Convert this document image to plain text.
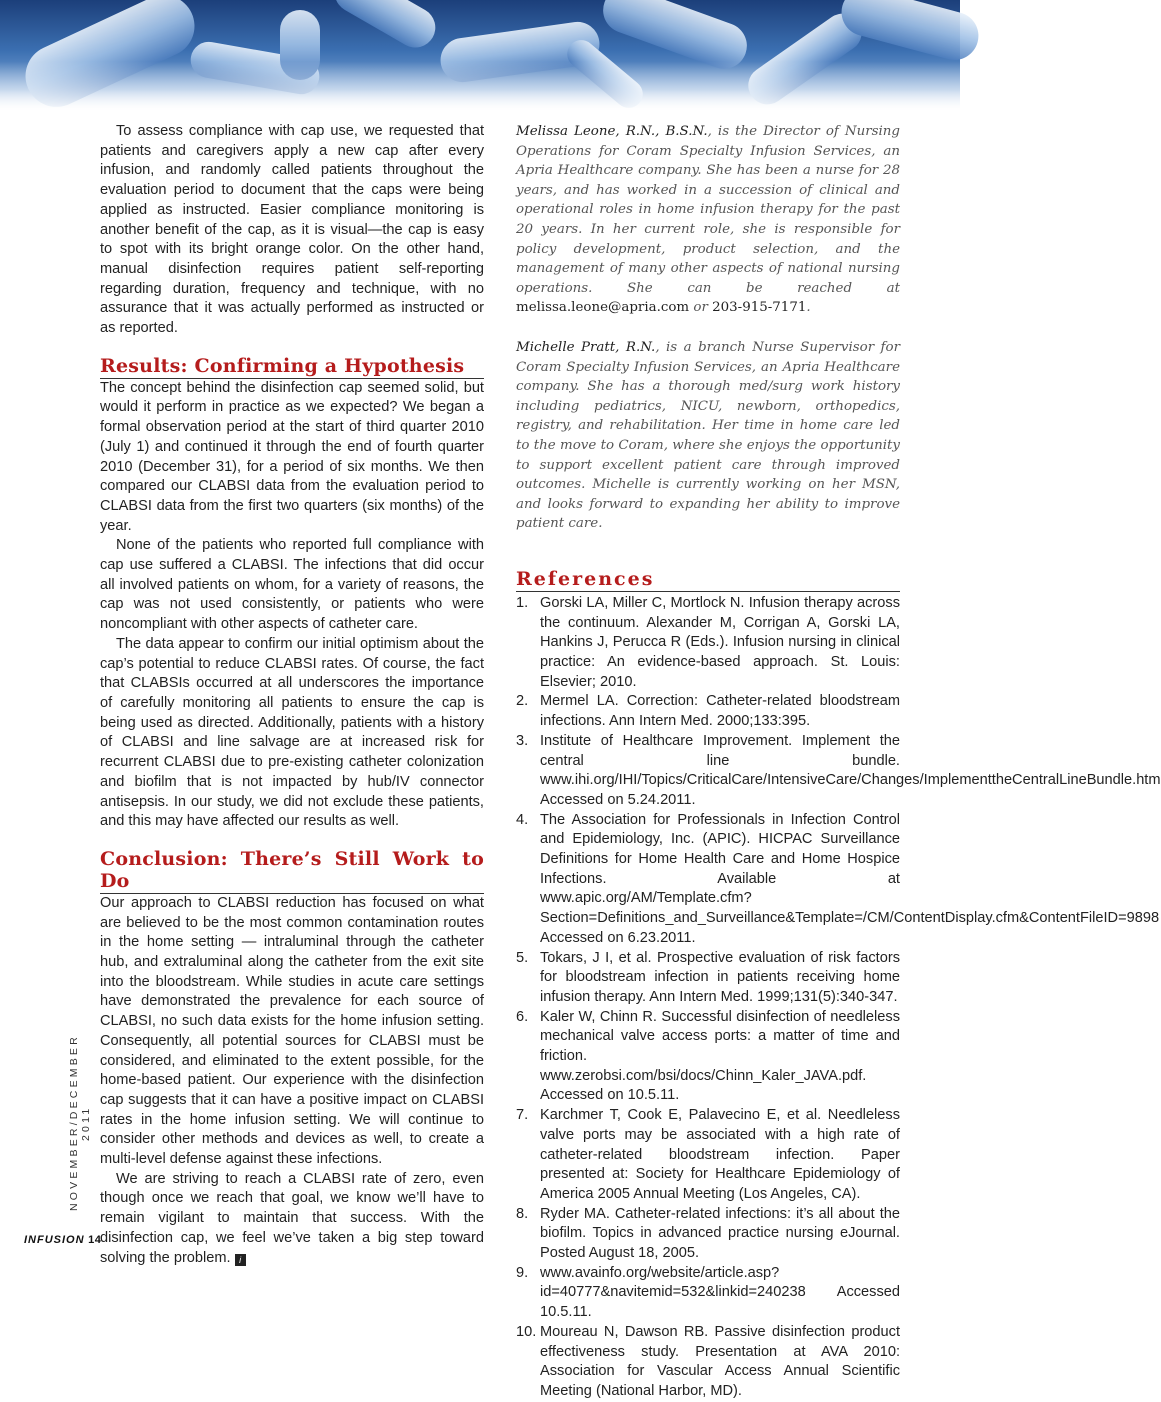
To assess compliance with cap use, we requested that patients and caregivers apply a new cap after every infusion, and randomly called patients throughout the evaluation period to document that the caps were being applied as instructed. Easier compliance monitoring is another benefit of the cap, as it is visual—the cap is easy to spot with its bright orange color. On the other hand, manual disinfection requires patient self-reporting regarding duration, frequency and technique, with no assurance that it was actually performed as instructed or as reported.

Results: Confirming a Hypothesis

The concept behind the disinfection cap seemed solid, but would it perform in practice as we expected? We began a formal observation period at the start of third quarter 2010 (July 1) and continued it through the end of fourth quarter 2010 (December 31), for a period of six months. We then compared our CLABSI data from the evaluation period to CLABSI data from the first two quarters (six months) of the year.

None of the patients who reported full compliance with cap use suffered a CLABSI. The infections that did occur all involved patients on whom, for a variety of reasons, the cap was not used consistently, or patients who were noncompliant with other aspects of catheter care.

The data appear to confirm our initial optimism about the cap’s potential to reduce CLABSI rates. Of course, the fact that CLABSIs occurred at all underscores the importance of carefully monitoring all patients to ensure the cap is being used as directed. Additionally, patients with a history of CLABSI and line salvage are at increased risk for recurrent CLABSI due to pre-existing catheter colonization and biofilm that is not impacted by hub/IV connector antisepsis. In our study, we did not exclude these patients, and this may have affected our results as well.

Conclusion: There’s Still Work to Do

Our approach to CLABSI reduction has focused on what are believed to be the most common contamination routes in the home setting — intraluminal through the catheter hub, and extraluminal along the catheter from the exit site into the bloodstream. While studies in acute care settings have demonstrated the prevalence for each source of CLABSI, no such data exists for the home infusion setting. Consequently, all potential sources for CLABSI must be considered, and eliminated to the extent possible, for the home-based patient. Our experience with the disinfection cap suggests that it can have a positive impact on CLABSI rates in the home infusion setting. We will continue to consider other methods and devices as well, to create a multi-level defense against these infections.

We are striving to reach a CLABSI rate of zero, even though once we reach that goal, we know we’ll have to remain vigilant to maintain that success. With the disinfection cap, we feel we’ve taken a big step toward solving the problem. i

Melissa Leone, R.N., B.S.N., is the Director of Nursing Operations for Coram Specialty Infusion Services, an Apria Healthcare company. She has been a nurse for 28 years, and has worked in a succession of clinical and operational roles in home infusion therapy for the past 20 years. In her current role, she is responsible for policy development, product selection, and the management of many other aspects of national nursing operations. She can be reached at melissa.leone@apria.com or 203-915-7171.

Michelle Pratt, R.N., is a branch Nurse Supervisor for Coram Specialty Infusion Services, an Apria Healthcare company. She has a thorough med/surg work history including pediatrics, NICU, newborn, orthopedics, registry, and rehabilitation. Her time in home care led to the move to Coram, where she enjoys the opportunity to support excellent patient care through improved outcomes. Michelle is currently working on her MSN, and looks forward to expanding her ability to improve patient care.

References
1. Gorski LA, Miller C, Mortlock N. Infusion therapy across the continuum. Alexander M, Corrigan A, Gorski LA, Hankins J, Perucca R (Eds.). Infusion nursing in clinical practice: An evidence-based approach. St. Louis: Elsevier; 2010.
2. Mermel LA. Correction: Catheter-related bloodstream infections. Ann Intern Med. 2000;133:395.
3. Institute of Healthcare Improvement. Implement the central line bundle. www.ihi.org/IHI/Topics/CriticalCare/IntensiveCare/Changes/ImplementtheCentralLineBundle.htm Accessed on 5.24.2011.
4. The Association for Professionals in Infection Control and Epidemiology, Inc. (APIC). HICPAC Surveillance Definitions for Home Health Care and Home Hospice Infections. Available at www.apic.org/AM/Template.cfm?Section=Definitions_and_Surveillance&Template=/CM/ContentDisplay.cfm&ContentFileID=9898 Accessed on 6.23.2011.
5. Tokars, J I, et al. Prospective evaluation of risk factors for bloodstream infection in patients receiving home infusion therapy. Ann Intern Med. 1999;131(5):340-347.
6. Kaler W, Chinn R. Successful disinfection of needleless mechanical valve access ports: a matter of time and friction. www.zerobsi.com/bsi/docs/Chinn_Kaler_JAVA.pdf. Accessed on 10.5.11.
7. Karchmer T, Cook E, Palavecino E, et al. Needleless valve ports may be associated with a high rate of catheter-related bloodstream infection. Paper presented at: Society for Healthcare Epidemiology of America 2005 Annual Meeting (Los Angeles, CA).
8. Ryder MA. Catheter-related infections: it’s all about the biofilm. Topics in advanced practice nursing eJournal. Posted August 18, 2005.
9. www.avainfo.org/website/article.asp?id=40777&navitemid=532&linkid=240238 Accessed 10.5.11.
10. Moureau N, Dawson RB. Passive disinfection product effectiveness study. Presentation at AVA 2010: Association for Vascular Access Annual Scientific Meeting (National Harbor, MD).
NOVEMBER/DECEMBER 2011
INFUSION 14
